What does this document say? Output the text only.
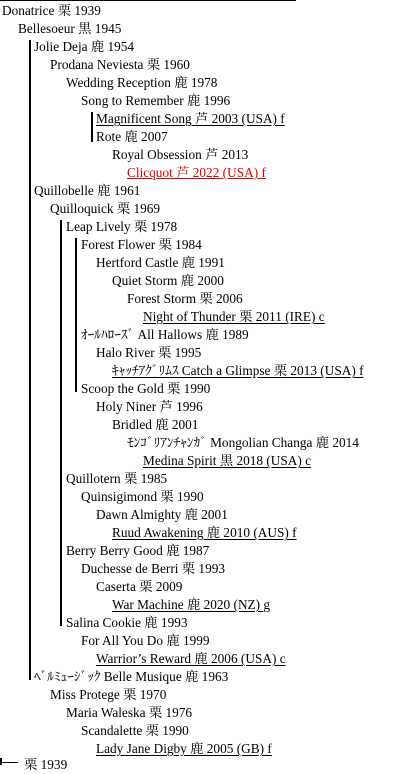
Donatrice 栗 1939
Bellesoeur 黒 1945
Jolie Deja 鹿 1954
Prodana Neviesta 栗 1960
Wedding Reception 鹿 1978
Song to Remember 鹿 1996
Magnificent Song 芦 2003 (USA) f
Rote 鹿 2007
Royal Obsession 芦 2013
Clicquot 芦 2022 (USA) f
Quillobelle 鹿 1961
Quilloquick 栗 1969
Leap Lively 栗 1978
Forest Flower 栗 1984
Hertford Castle 鹿 1991
Quiet Storm 鹿 2000
Forest Storm 栗 2006
Night of Thunder 栗 2011 (IRE) c
ｵｰﾙﾊﾛｰｽﾞ All Hallows 鹿 1989
Halo River 栗 1995
ｷｬｯﾁｱｸﾞﾘﾑｽ Catch a Glimpse 栗 2013 (USA) f
Scoop the Gold 栗 1990
Holy Niner 芦 1996
Bridled 鹿 2001
ﾓﾝｺﾞﾘｱﾝﾁｬﾝｶﾞ Mongolian Changa 鹿 2014
Medina Spirit 黒 2018 (USA) c
Quillotern 栗 1985
Quinsigimond 栗 1990
Dawn Almighty 鹿 2001
Ruud Awakening 鹿 2010 (AUS) f
Berry Berry Good 鹿 1987
Duchesse de Berri 栗 1993
Caserta 栗 2009
War Machine 鹿 2020 (NZ) g
Salina Cookie 鹿 1993
For All You Do 鹿 1999
Warrior’s Reward 鹿 2006 (USA) c
ﾍﾞﾙﾐｭｰｼﾞｯｸ Belle Musique 鹿 1963
Miss Protege 栗 1970
Maria Waleska 栗 1976
Scandalette 栗 1990
Lady Jane Digby 鹿 2005 (GB) f
栗 1939
